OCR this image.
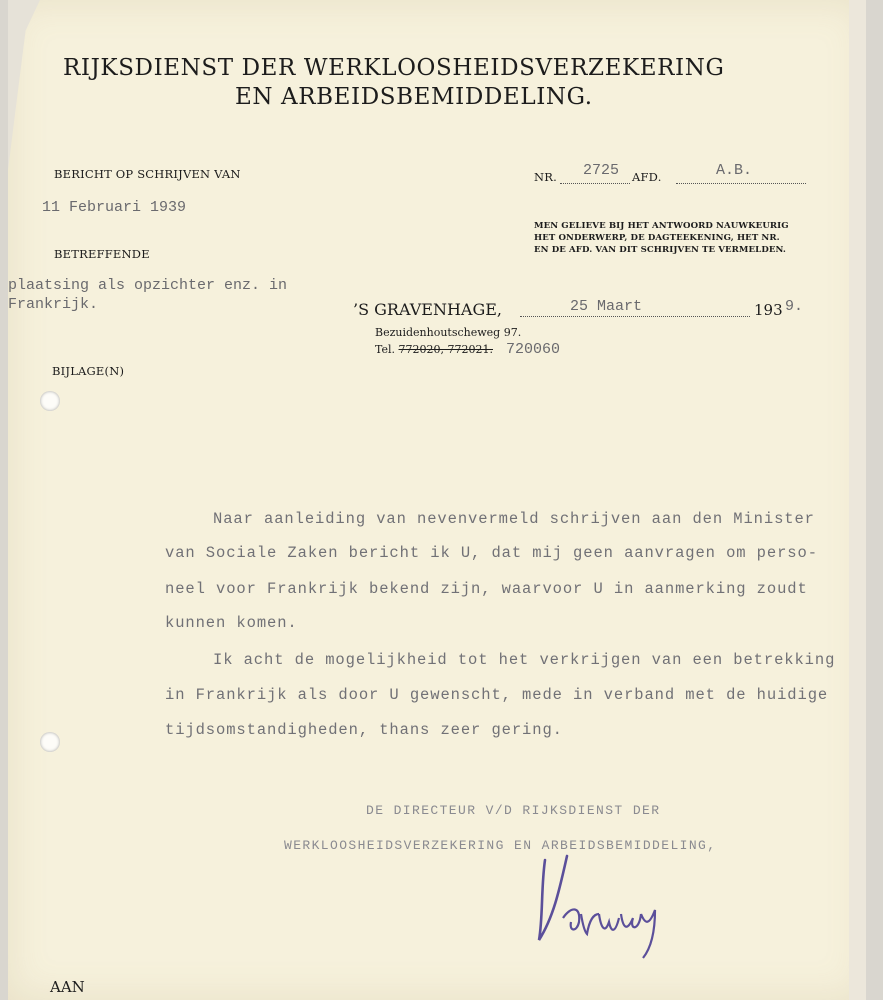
RIJKSDIENST DER WERKLOOSHEIDSVERZEKERING
EN ARBEIDSBEMIDDELING.
BERICHT OP SCHRIJVEN VAN
11 Februari 1939
NR. 2725 AFD.	A.B.
MEN GELIEVE BIJ HET ANTWOORD NAUWKEURIG
HET ONDERWERP, DE DAGTEEKENING, HET NR.
EN DE AFD. VAN DIT SCHRIJVEN TE VERMELDEN.
BETREFFENDE
plaatsing als opzichter enz. in
Frankrijk.	’S GRAVENHAGE,	25 Maart	193 9.
Bezuidenhoutscheweg 97.
Tel. 772020, 772021. 720060
BIJLAGE(N)
Naar aanleiding van nevenvermeld schrijven aan den Minister
van Sociale Zaken bericht ik U, dat mij geen aanvragen om perso-
neel voor Frankrijk bekend zijn, waarvoor U in aanmerking zoudt
kunnen komen.
Ik acht de mogelijkheid tot het verkrijgen van een betrekking
in Frankrijk als door U gewenscht, mede in verband met de huidige
tijdsomstandigheden, thans zeer gering.
DE DIRECTEUR V/D RIJKSDIENST DER
WERKLOOSHEIDSVERZEKERING EN ARBEIDSBEMIDDELING,
AAN
